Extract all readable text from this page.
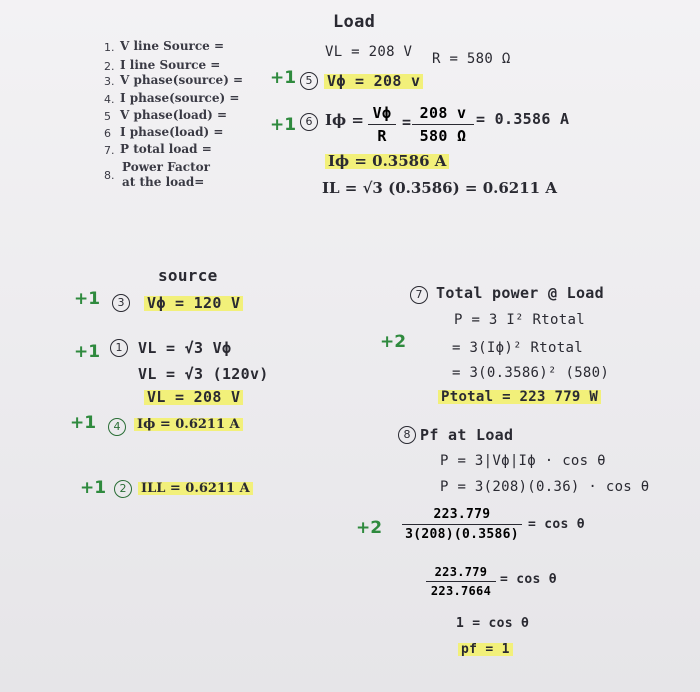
1. V line Source =
2. I line Source =
3. V phase(source) =
4. I phase(source) =
5 V phase(load) =
6 I phase(load) =
7. P total load =
8.
Power Factor
at the load=
Load
VL = 208 V R = 580 Ω
+1 5 Vϕ = 208 v
+1 6 Iϕ = Vϕ
R
= 208 v
580 Ω
= 0.3586 A
Iϕ = 0.3586 A
IL = √3 (0.3586) = 0.6211 A
source
+1	3	Vϕ = 120 V
+1	1	VL = √3 Vϕ
VL = √3 (120v)
VL = 208 V
+1	4	Iϕ = 0.6211 A
+1	2	ILL = 0.6211 A
7 Total power @ Load
+2
P = 3 I² Rtotal
= 3(Iϕ)² Rtotal
= 3(0.3586)² (580)
Ptotal = 223 779 W
8 Pf at Load
P = 3|Vϕ|Iϕ · cos θ
P = 3(208)(0.36) · cos θ
+2
223.779
3(208)(0.3586)
= cos θ
223.779
223.7664
= cos θ
1 = cos θ
pf = 1
